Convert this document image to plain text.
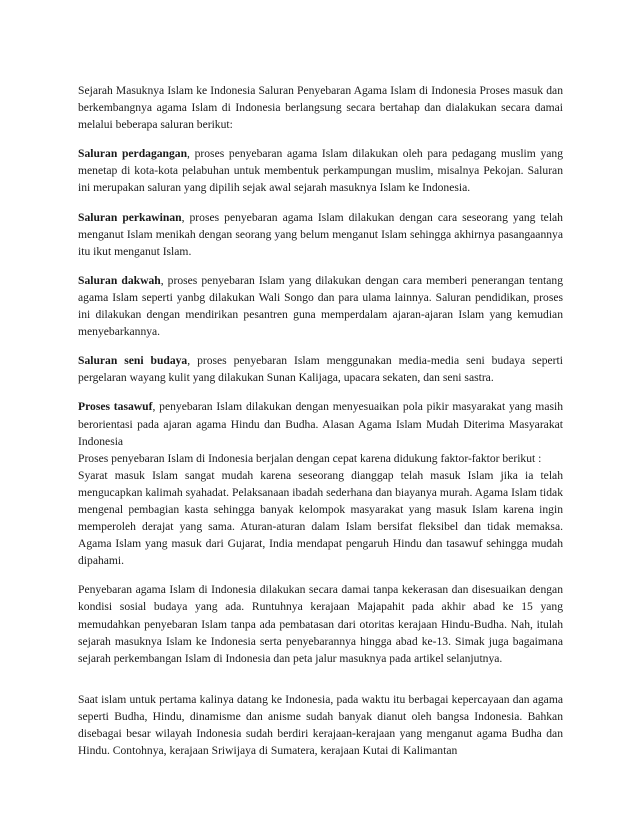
Sejarah Masuknya Islam ke Indonesia Saluran Penyebaran Agama Islam di Indonesia Proses masuk dan berkembangnya agama Islam di Indonesia berlangsung secara bertahap dan dialakukan secara damai melalui beberapa saluran berikut:

Saluran perdagangan, proses penyebaran agama Islam dilakukan oleh para pedagang muslim yang menetap di kota-kota pelabuhan untuk membentuk perkampungan muslim, misalnya Pekojan. Saluran ini merupakan saluran yang dipilih sejak awal sejarah masuknya Islam ke Indonesia.

Saluran perkawinan, proses penyebaran agama Islam dilakukan dengan cara seseorang yang telah menganut Islam menikah dengan seorang yang belum menganut Islam sehingga akhirnya pasangaannya itu ikut menganut Islam.

Saluran dakwah, proses penyebaran Islam yang dilakukan dengan cara memberi penerangan tentang agama Islam seperti yanbg dilakukan Wali Songo dan para ulama lainnya. Saluran pendidikan, proses ini dilakukan dengan mendirikan pesantren guna memperdalam ajaran-ajaran Islam yang kemudian menyebarkannya.

Saluran seni budaya, proses penyebaran Islam menggunakan media-media seni budaya seperti pergelaran wayang kulit yang dilakukan Sunan Kalijaga, upacara sekaten, dan seni sastra.

Proses tasawuf, penyebaran Islam dilakukan dengan menyesuaikan pola pikir masyarakat yang masih berorientasi pada ajaran agama Hindu dan Budha. Alasan Agama Islam Mudah Diterima Masyarakat Indonesia

Proses penyebaran Islam di Indonesia berjalan dengan cepat karena didukung faktor-faktor berikut :

Syarat masuk Islam sangat mudah karena seseorang dianggap telah masuk Islam jika ia telah mengucapkan kalimah syahadat. Pelaksanaan ibadah sederhana dan biayanya murah. Agama Islam tidak mengenal pembagian kasta sehingga banyak kelompok masyarakat yang masuk Islam karena ingin memperoleh derajat yang sama. Aturan-aturan dalam Islam bersifat fleksibel dan tidak memaksa. Agama Islam yang masuk dari Gujarat, India mendapat pengaruh Hindu dan tasawuf sehingga mudah dipahami.

Penyebaran agama Islam di Indonesia dilakukan secara damai tanpa kekerasan dan disesuaikan dengan kondisi sosial budaya yang ada. Runtuhnya kerajaan Majapahit pada akhir abad ke 15 yang memudahkan penyebaran Islam tanpa ada pembatasan dari otoritas kerajaan Hindu-Budha. Nah, itulah sejarah masuknya Islam ke Indonesia serta penyebarannya hingga abad ke-13. Simak juga bagaimana sejarah perkembangan Islam di Indonesia dan peta jalur masuknya pada artikel selanjutnya.

Saat islam untuk pertama kalinya datang ke Indonesia, pada waktu itu berbagai kepercayaan dan agama seperti Budha, Hindu, dinamisme dan anisme sudah banyak dianut oleh bangsa Indonesia. Bahkan disebagai besar wilayah Indonesia sudah berdiri kerajaan-kerajaan yang menganut agama Budha dan Hindu. Contohnya, kerajaan Sriwijaya di Sumatera, kerajaan Kutai di Kalimantan
